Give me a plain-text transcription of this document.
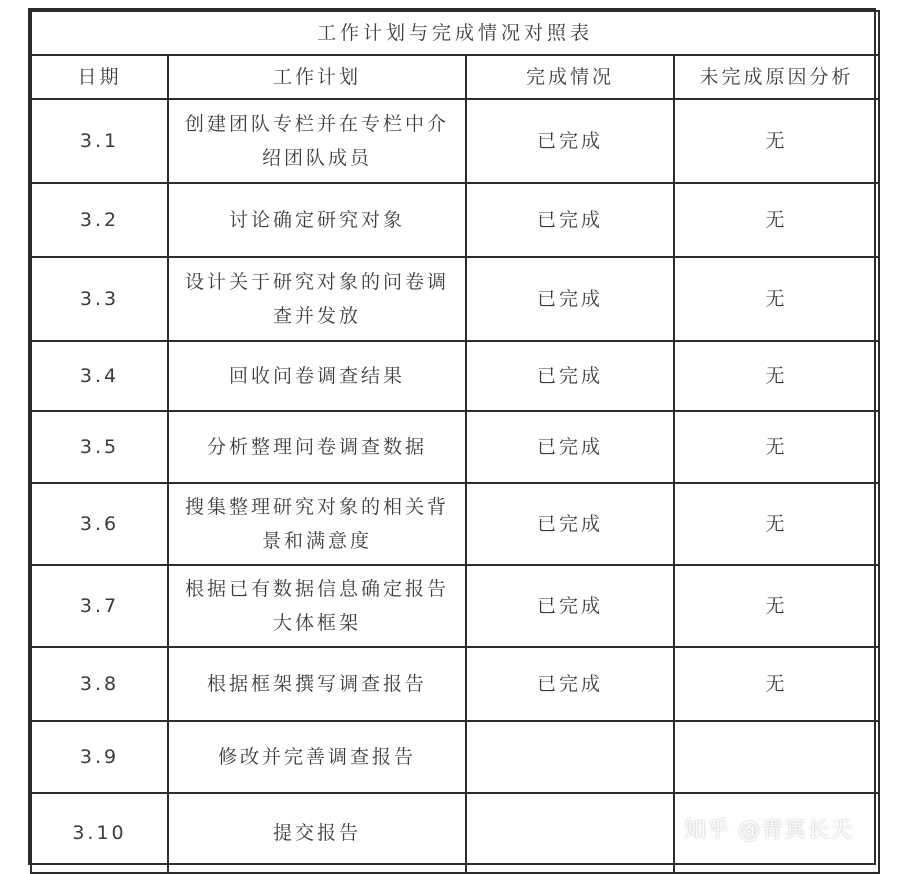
工作计划与完成情况对照表			
日期	工作计划	完成情况	未完成原因分析
3.1	创建团队专栏并在专栏中介绍团队成员	已完成	无
3.2	讨论确定研究对象	已完成	无
3.3	设计关于研究对象的问卷调查并发放	已完成	无
3.4	回收问卷调查结果	已完成	无
3.5	分析整理问卷调查数据	已完成	无
3.6	搜集整理研究对象的相关背景和满意度	已完成	无
3.7	根据已有数据信息确定报告大体框架	已完成	无
3.8	根据框架撰写调查报告	已完成	无
3.9	修改并完善调查报告		
3.10	提交报告			知乎 @青冥长天
